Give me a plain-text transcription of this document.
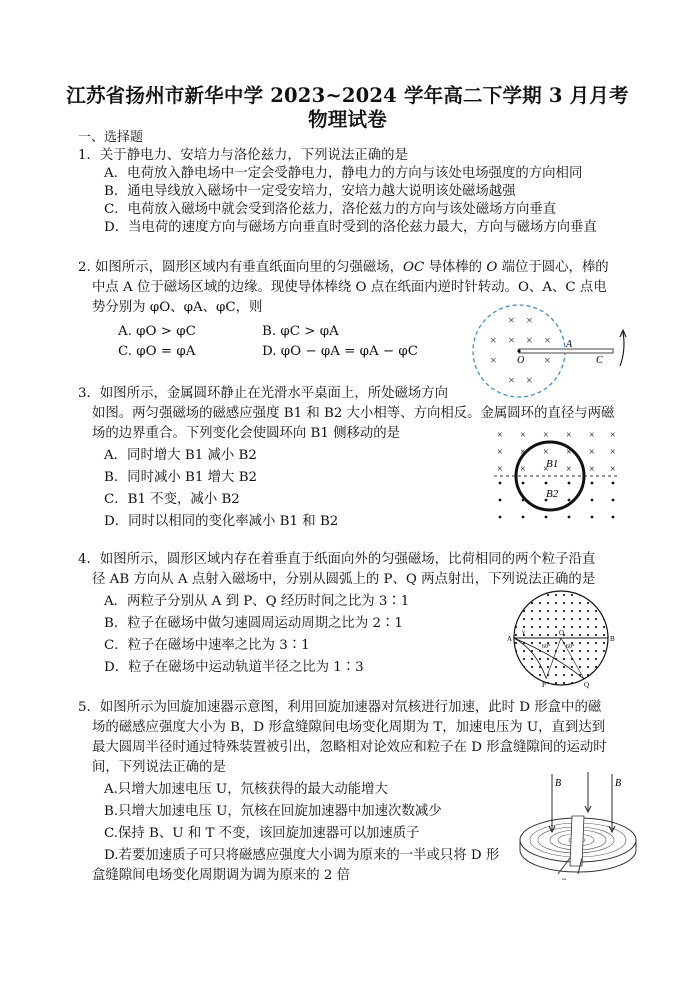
江苏省扬州市新华中学 2023~2024 学年高二下学期 3 月月考
物理试卷
一、选择题
1．关于静电力、安培力与洛伦兹力，下列说法正确的是
A．电荷放入静电场中一定会受静电力，静电力的方向与该处电场强度的方向相同
B．通电导线放入磁场中一定受安培力，安培力越大说明该处磁场越强
C．电荷放入磁场中就会受到洛伦兹力，洛伦兹力的方向与该处磁场方向垂直
D．当电荷的速度方向与磁场方向垂直时受到的洛伦兹力最大，方向与磁场方向垂直
2. 如图所示，圆形区域内有垂直纸面向里的匀强磁场，OC 导体棒的 O 端位于圆心，棒的
中点 A 位于磁场区域的边缘。现使导体棒绕 O 点在纸面内逆时针转动。O、A、C 点电
势分别为 φO、φA、φC，则
A. φO > φC	B. φC > φA
C. φO = φA	D. φO − φA = φA − φC
× ×
× × × ×
×	×
× ×
O
A
C
3．如图所示，金属圆环静止在光滑水平桌面上，所处磁场方向
如图。两匀强磁场的磁感应强度 B1 和 B2 大小相等、方向相反。金属圆环的直径与两磁
场的边界重合。下列变化会使圆环向 B1 侧移动的是
A．同时增大 B1 减小 B2
B．同时减小 B1 增大 B2
C．B1 不变，减小 B2
D．同时以相同的变化率减小 B1 和 B2
× × × × × ×
× × × × × ×
× × × × × ×
B1
B2
4．如图所示，圆形区域内存在着垂直于纸面向外的匀强磁场，比荷相同的两个粒子沿直
径 AB 方向从 A 点射入磁场中，分别从圆弧上的 P、Q 两点射出，下列说法正确的是
A．两粒子分别从 A 到 P、Q 经历时间之比为 3∶1
B．粒子在磁场中做匀速圆周运动周期之比为 2∶1
C．粒子在磁场中速率之比为 3∶1
D．粒子在磁场中运动轨道半径之比为 1∶3
A	B
O
v
60°	60°
P	Q
5．如图所示为回旋加速器示意图，利用回旋加速器对氘核进行加速，此时 D 形盒中的磁
场的磁感应强度大小为 B，D 形盒缝隙间电场变化周期为 T，加速电压为 U，直到达到
最大圆周半径时通过特殊装置被引出，忽略相对论效应和粒子在 D 形盒缝隙间的运动时
间，下列说法正确的是
A.只增大加速电压 U，氘核获得的最大动能增大
B.只增大加速电压 U，氘核在回旋加速器中加速次数减少
C.保持 B、U 和 T 不变，该回旋加速器可以加速质子
D.若要加速质子可只将磁感应强度大小调为原来的一半或只将 D 形
盒缝隙间电场变化周期调为调为原来的 2 倍	~
B	B
